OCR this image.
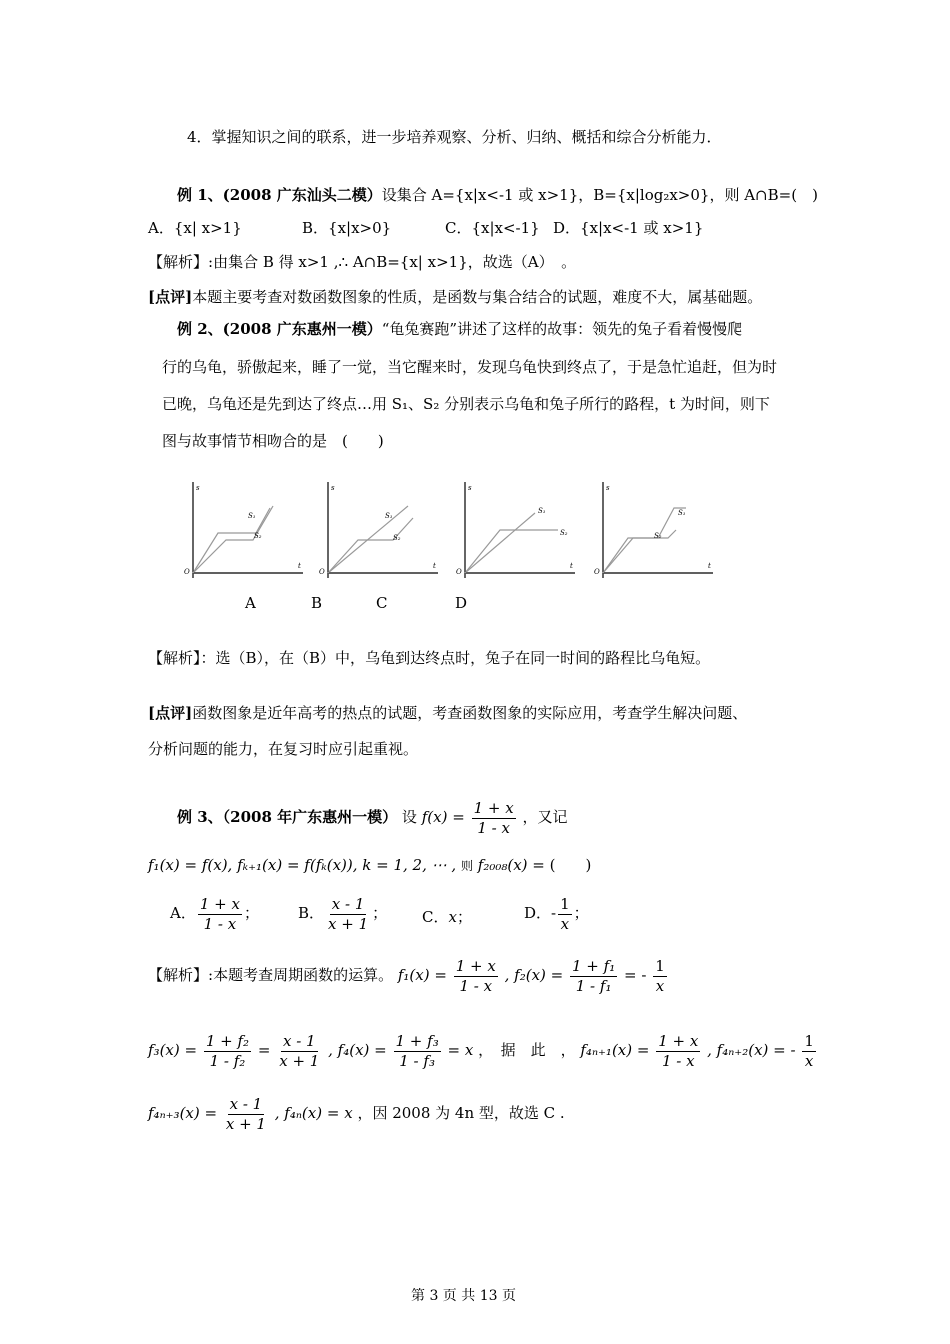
4．掌握知识之间的联系，进一步培养观察、分析、归纳、概括和综合分析能力．
例 1、(2008 广东汕头二模）设集合 A={x|x<-1 或 x>1}，B={x|log₂x>0}，则 A∩B=(　)
A．{x| x>1}	B．{x|x>0}	C．{x|x<-1} D．{x|x<-1 或 x>1}
【解析】:由集合 B 得 x>1 ,∴ A∩B={x| x>1}，故选（A）　。
[点评]本题主要考查对数函数图象的性质，是函数与集合结合的试题，难度不大，属基础题。
例 2、(2008 广东惠州一模）“龟兔赛跑”讲述了这样的故事：领先的兔子看着慢慢爬
行的乌龟，骄傲起来，睡了一觉，当它醒来时，发现乌龟快到终点了，于是急忙追赶，但为时
已晚，乌龟还是先到达了终点…用 S₁、S₂ 分别表示乌龟和兔子所行的路程，t 为时间，则下
图与故事情节相吻合的是　(　　)
s
t
O
S₁
S₂
s
t
O
S₁
S₂
s
t
O
S₁
S₂
s
t
O
S₁
S₂
A	B	C	D
【解析】：选（B），在（B）中，乌龟到达终点时，兔子在同一时间的路程比乌龟短。
[点评]函数图象是近年高考的热点的试题，考查函数图象的实际应用，考查学生解决问题、
分析问题的能力，在复习时应引起重视。
例 3、（2008 年广东惠州一模） 设 $f(x) = \frac{1 + x}{1 - x}$ ，又记
f₁(x) = f(x), fₖ₊₁(x) = f(fₖ(x)), k = 1, 2, ⋯ , 则 f₂₀₀₈(x) = (　　)
A． $\frac{1 + x}{1 - x}$ ；	B． $\frac{x - 1}{x + 1}$ ； C．x；	D．- $\frac{1}{x}$ ；
【解析】:本题考查周期函数的运算。 $f_1(x) = \frac{1 + x}{1 - x}$ , $f_2(x) = \frac{\text{1 + f₁}}{\text{1 - f₁}}$ = - $\frac{1}{x}$
$f_3(x) = \frac{\text{1 + f₂}}{\text{1 - f₂}} = \frac{x - 1}{x + 1}$ , $f_4(x) = \frac{\text{1 + f₃}}{\text{1 - f₃}} = x$ ，　据　此　， $f_{4n+1}(x) = \frac{1 + x}{1 - x}$ , f₄ₙ₊₂(x) = - $\frac{1}{x}$
$f_{4n+3}(x) = \frac{x - 1}{x + 1}$ , f₄ₙ(x) = x ，因 2008 为 4n 型，故选 C .
第 3 页 共 13 页
